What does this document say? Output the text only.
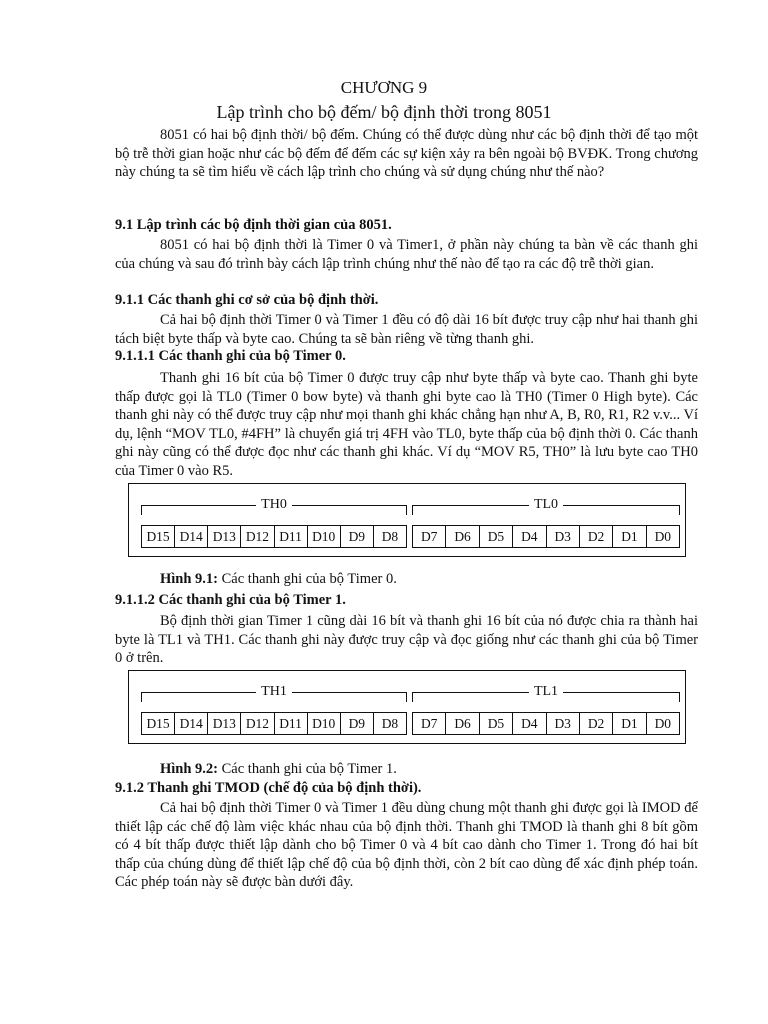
CHƯƠNG 9
Lập trình cho bộ đếm/ bộ định thời trong 8051

8051 có hai bộ định thời/ bộ đếm. Chúng có thể được dùng như các bộ định thời để tạo một bộ trễ thời gian hoặc như các bộ đếm để đếm các sự kiện xảy ra bên ngoài bộ BVĐK. Trong chương này chúng ta sẽ tìm hiểu về cách lập trình cho chúng và sử dụng chúng như thế nào?

9.1 Lập trình các bộ định thời gian của 8051.

8051 có hai bộ định thời là Timer 0 và Timer1, ở phần này chúng ta bàn về các thanh ghi của chúng và sau đó trình bày cách lập trình chúng như thế nào để tạo ra các độ trễ thời gian.

9.1.1 Các thanh ghi cơ sở của bộ định thời.

Cả hai bộ định thời Timer 0 và Timer 1 đều có độ dài 16 bít được truy cập như hai thanh ghi tách biệt byte thấp và byte cao. Chúng ta sẽ bàn riêng về từng thanh ghi.

9.1.1.1 Các thanh ghi của bộ Timer 0.

Thanh ghi 16 bít của bộ Timer 0 được truy cập như byte thấp và byte cao. Thanh ghi byte thấp được gọi là TL0 (Timer 0 bow byte) và thanh ghi byte cao là TH0 (Timer 0 High byte). Các thanh ghi này có thể được truy cập như mọi thanh ghi khác chẳng hạn như A, B, R0, R1, R2 v.v... Ví dụ, lệnh “MOV TL0, #4FH” là chuyển giá trị 4FH vào TL0, byte thấp của bộ định thời 0. Các thanh ghi này cũng có thể được đọc như các thanh ghi khác. Ví dụ “MOV R5, TH0” là lưu byte cao TH0 của Timer 0 vào R5.

TH0	TL0
D15 D14 D13 D12 D11 D10 D9	D8	D7	D6	D5	D4	D3	D2	D1	D0
Hình 9.1: Các thanh ghi của bộ Timer 0.
9.1.1.2 Các thanh ghi của bộ Timer 1.

Bộ định thời gian Timer 1 cũng dài 16 bít và thanh ghi 16 bít của nó được chia ra thành hai byte là TL1 và TH1. Các thanh ghi này được truy cập và đọc giống như các thanh ghi của bộ Timer 0 ở trên.

TH1	TL1
D15 D14 D13 D12 D11 D10 D9	D8	D7	D6	D5	D4	D3	D2	D1	D0
Hình 9.2: Các thanh ghi của bộ Timer 1.
9.1.2 Thanh ghi TMOD (chế độ của bộ định thời).

Cả hai bộ định thời Timer 0 và Timer 1 đều dùng chung một thanh ghi được gọi là IMOD để thiết lập các chế độ làm việc khác nhau của bộ định thời. Thanh ghi TMOD là thanh ghi 8 bít gồm có 4 bít thấp được thiết lập dành cho bộ Timer 0 và 4 bít cao dành cho Timer 1. Trong đó hai bít thấp của chúng dùng để thiết lập chế độ của bộ định thời, còn 2 bít cao dùng để xác định phép toán. Các phép toán này sẽ được bàn dưới đây.
